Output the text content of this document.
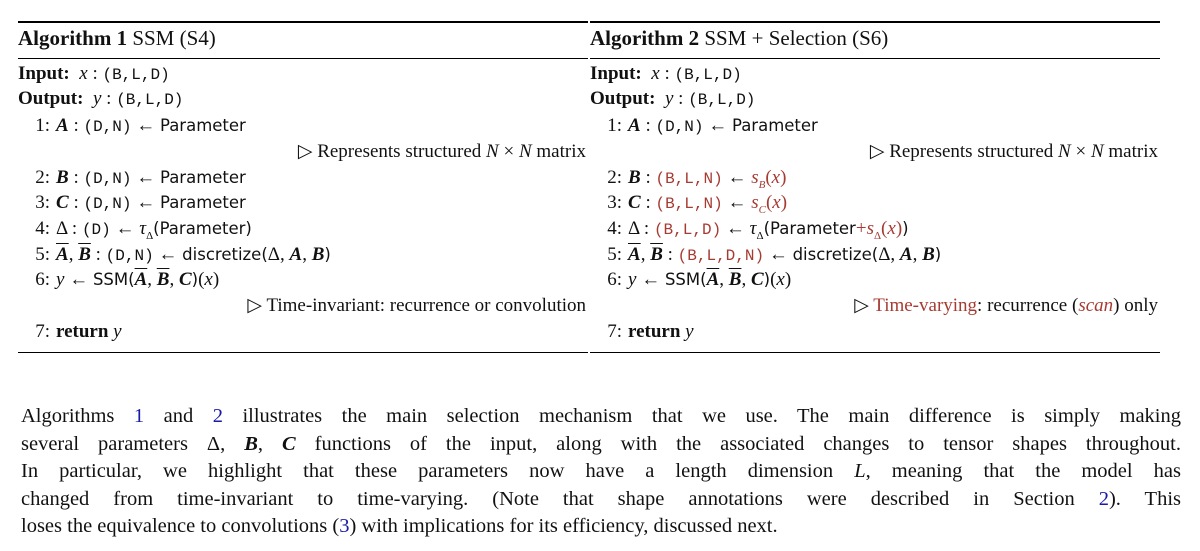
Algorithm 1 SSM (S4)
Input: x : (B,L,D)
Output: y : (B,L,D)
1: A : (D,N) ← Parameter
▷ Represents structured N × N matrix
2: B : (D,N) ← Parameter
3: C : (D,N) ← Parameter
4: Δ : (D) ← $\tau_\Delta(Parameter)$
5: $\overline{A}$, $\overline{B}$ : (D,N) ← discretize(Δ, A, B)
6: y ← $SSM(\overline{A}$, $\overline{B}$, C)(x)
▷ Time-invariant: recurrence or convolution
7: return y
Algorithm 2 SSM + Selection (S6)
Input: x : (B,L,D)
Output: y : (B,L,D)
1: A : (D,N) ← Parameter
▷ Represents structured N × N matrix
2: B : (B,L,N) ← $s_B(x)$
3: C : (B,L,N) ← $s_C(x)$
4: Δ : (B,L,D) ← $\tau_\Delta(Parameter+s_\Delta(x))$
5: $\overline{A}$, $\overline{B}$ : (B,L,D,N) ← discretize(Δ, A, B)
6: y ← $SSM(\overline{A}$, $\overline{B}$, C)(x)
▷ Time-varying: recurrence (scan) only
7: return y
Algorithms 1 and 2 illustrates the main selection mechanism that we use. The main difference is simply making
several parameters Δ, B, C functions of the input, along with the associated changes to tensor shapes throughout.
In particular, we highlight that these parameters now have a length dimension L, meaning that the model has
changed from time-invariant to time-varying. (Note that shape annotations were described in Section 2). This
loses the equivalence to convolutions (3) with implications for its efficiency, discussed next.
